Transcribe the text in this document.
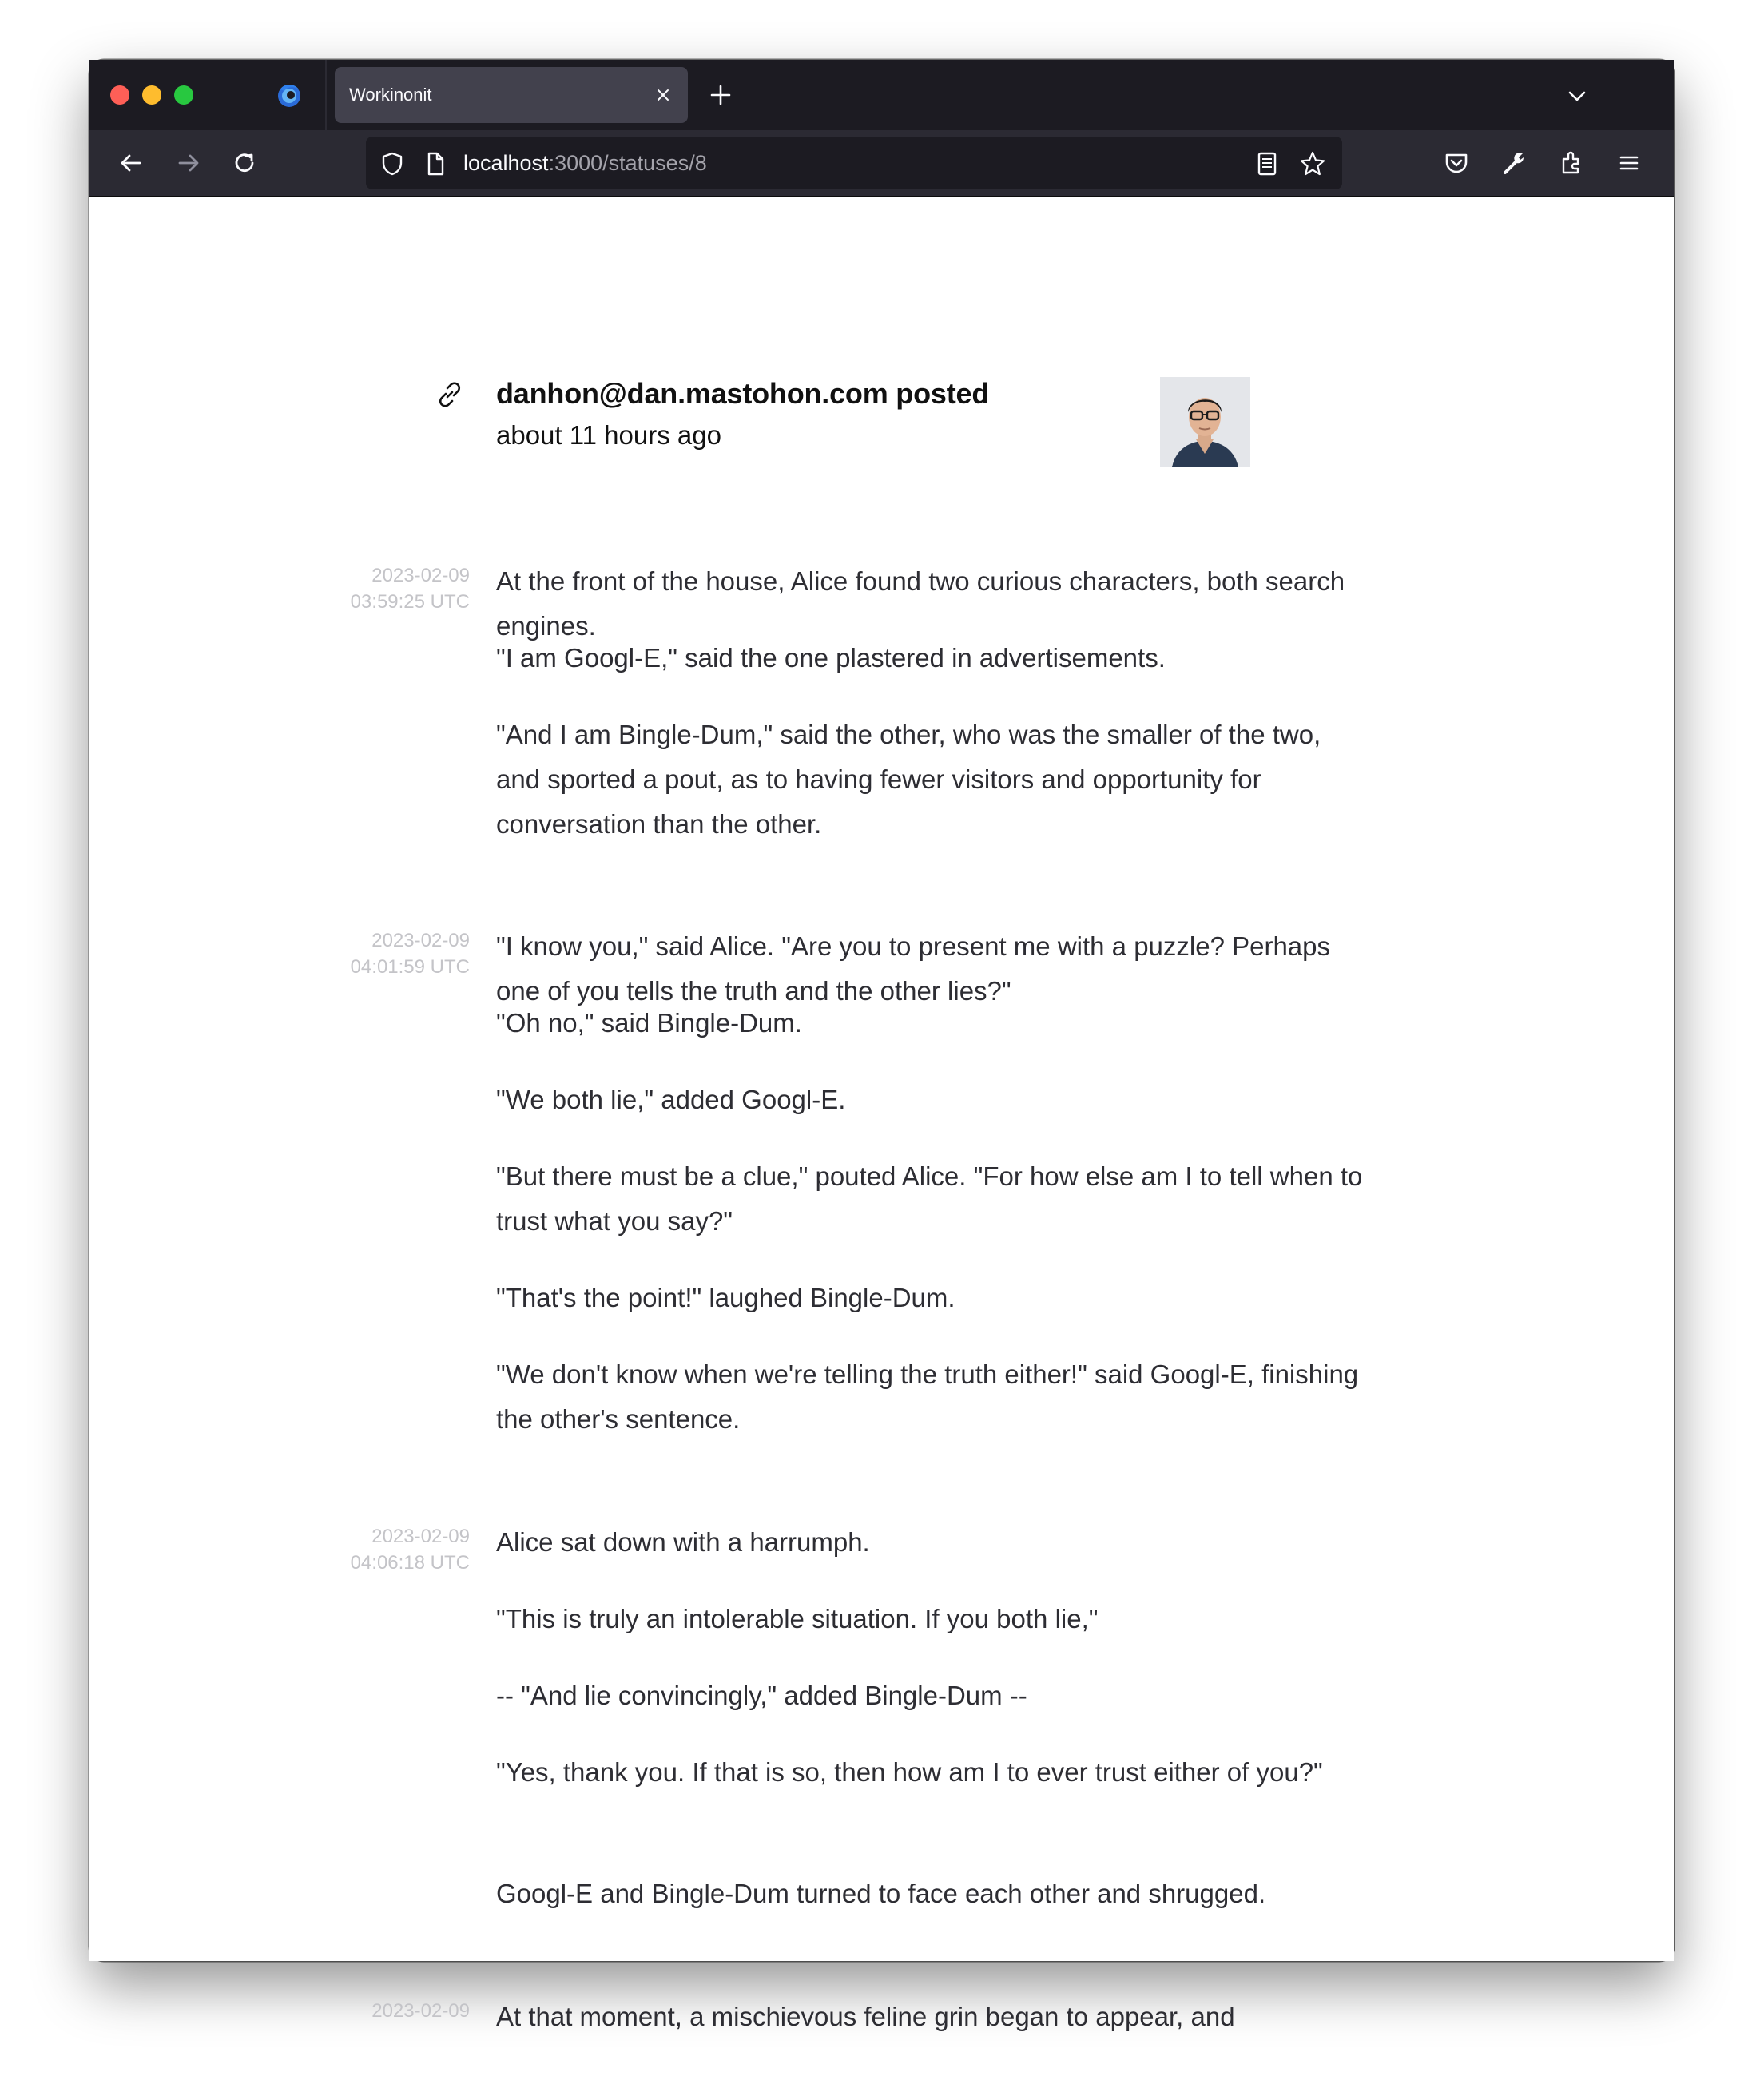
Workinonit
localhost:3000/statuses/8
danhon@dan.mastohon.com posted
about 11 hours ago
2023-02-09
03:59:25 UTC
2023-02-09
04:01:59 UTC
2023-02-09
04:06:18 UTC
2023-02-09

At the front of the house, Alice found two curious characters, both search engines.

"I am Googl-E," said the one plastered in advertisements.

"And I am Bingle-Dum," said the other, who was the smaller of the two, and sported a pout, as to having fewer visitors and opportunity for conversation than the other.

"I know you," said Alice. "Are you to present me with a puzzle? Perhaps one of you tells the truth and the other lies?"

"Oh no," said Bingle-Dum.

"We both lie," added Googl-E.

"But there must be a clue," pouted Alice. "For how else am I to tell when to trust what you say?"

"That's the point!" laughed Bingle-Dum.

"We don't know when we're telling the truth either!" said Googl-E, finishing the other's sentence.

Alice sat down with a harrumph.

"This is truly an intolerable situation. If you both lie,"

-- "And lie convincingly," added Bingle-Dum --

"Yes, thank you. If that is so, then how am I to ever trust either of you?"

Googl-E and Bingle-Dum turned to face each other and shrugged.

At that moment, a mischievous feline grin began to appear, and
